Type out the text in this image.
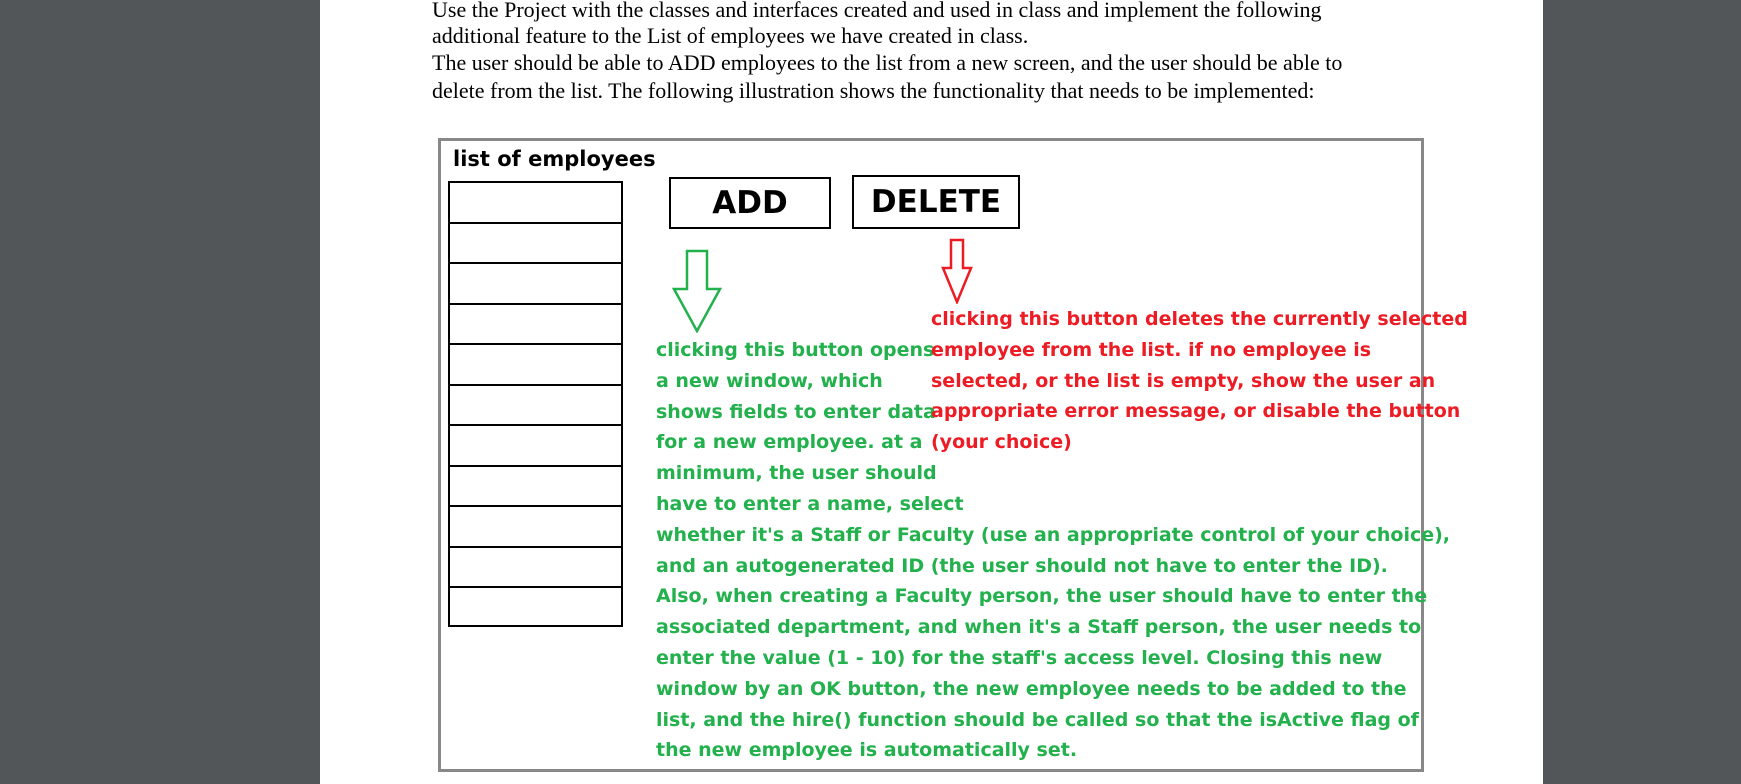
Use the Project with the classes and interfaces created and used in class and implement the following
additional feature to the List of employees we have created in class.
The user should be able to ADD employees to the list from a new screen, and the user should be able to
delete from the list. The following illustration shows the functionality that needs to be implemented:
list of employees
ADD	DELETE
clicking this button opens
a new window, which
shows fields to enter data
for a new employee. at a
minimum, the user should
have to enter a name, select
whether it's a Staff or Faculty (use an appropriate control of your choice),
and an autogenerated ID (the user should not have to enter the ID).
Also, when creating a Faculty person, the user should have to enter the
associated department, and when it's a Staff person, the user needs to
enter the value (1 - 10) for the staff's access level. Closing this new
window by an OK button, the new employee needs to be added to the
list, and the hire() function should be called so that the isActive flag of
the new employee is automatically set.
clicking this button deletes the currently selected
employee from the list. if no employee is
selected, or the list is empty, show the user an
appropriate error message, or disable the button
(your choice)
